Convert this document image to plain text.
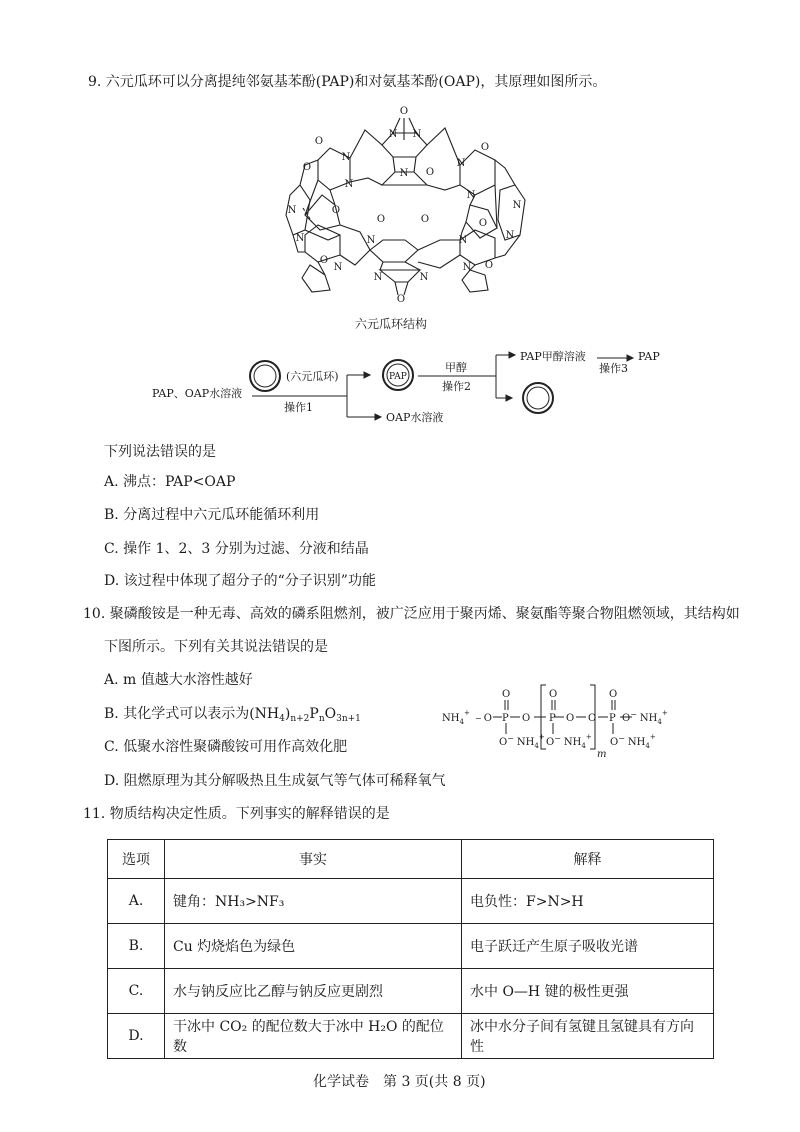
9. 六元瓜环可以分离提纯邻氨基苯酚(PAP)和对氨基苯酚(OAP)，其原理如图所示。
O
O
O
O	O
O
O
O	O
O	O
O
N N
N
N
N
N
N
N	N
N	N
N	N
N	N
N	N
六元瓜环结构
PAP、OAP水溶液
(六元瓜环)
操作1
PAP
甲醇
操作2
PAP甲醇溶液
操作3
PAP
OAP水溶液
下列说法错误的是
A. 沸点：PAP<OAP
B. 分离过程中六元瓜环能循环利用
C. 操作 1、2、3 分别为过滤、分液和结晶
D. 该过程中体现了超分子的“分子识别”功能
10. 聚磷酸铵是一种无毒、高效的磷系阻燃剂，被广泛应用于聚丙烯、聚氨酯等聚合物阻燃领域，其结构如
下图所示。下列有关其说法错误的是
A. m 值越大水溶性越好
B. 其化学式可以表示为$(NH_4)_{n+2}P_nO_{3n+1}$
C. 低聚水溶性聚磷酸铵可用作高效化肥
D. 阻燃原理为其分解吸热且生成氨气等气体可稀释氧气
$NH_4^+$
− O P	P	P
O	O O
O	O	O
O− $NH_4^+$ O− $NH_4^+$ O− $NH_4^+$
O− $NH_4^+$
m
11. 物质结构决定性质。下列事实的解释错误的是
选项	事实	解释
A.	键角：NH₃>NF₃	电负性：F>N>H
B.	Cu 灼烧焰色为绿色	电子跃迁产生原子吸收光谱
C.	水与钠反应比乙醇与钠反应更剧烈	水中 O—H 键的极性更强
D.	干冰中 CO₂ 的配位数大于冰中 H₂O 的配位数	冰中水分子间有氢键且氢键具有方向性
化学试卷　第 3 页(共 8 页)
